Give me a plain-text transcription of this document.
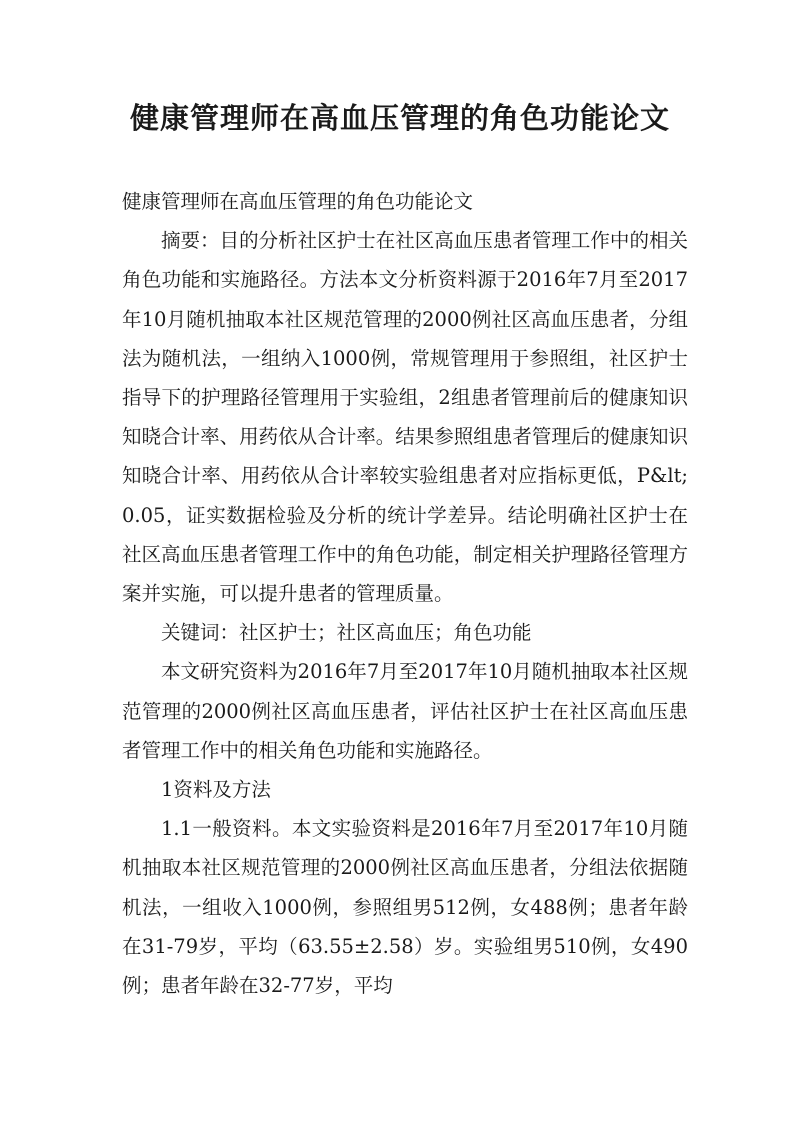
健康管理师在高血压管理的角色功能论文

健康管理师在高血压管理的角色功能论文

摘要：目的分析社区护士在社区高血压患者管理工作中的相关角色功能和实施路径。方法本文分析资料源于2016年7月至2017年10月随机抽取本社区规范管理的2000例社区高血压患者，分组法为随机法，一组纳入1000例，常规管理用于参照组，社区护士指导下的护理路径管理用于实验组，2组患者管理前后的健康知识知晓合计率、用药依从合计率。结果参照组患者管理后的健康知识知晓合计率、用药依从合计率较实验组患者对应指标更低，P&lt;0.05，证实数据检验及分析的统计学差异。结论明确社区护士在社区高血压患者管理工作中的角色功能，制定相关护理路径管理方案并实施，可以提升患者的管理质量。

关键词：社区护士；社区高血压；角色功能

本文研究资料为2016年7月至2017年10月随机抽取本社区规范管理的2000例社区高血压患者，评估社区护士在社区高血压患者管理工作中的相关角色功能和实施路径。

1资料及方法

1.1一般资料。本文实验资料是2016年7月至2017年10月随机抽取本社区规范管理的2000例社区高血压患者，分组法依据随机法，一组收入1000例，参照组男512例，女488例；患者年龄在31-79岁，平均（63.55±2.58）岁。实验组男510例，女490例；患者年龄在32-77岁，平均
